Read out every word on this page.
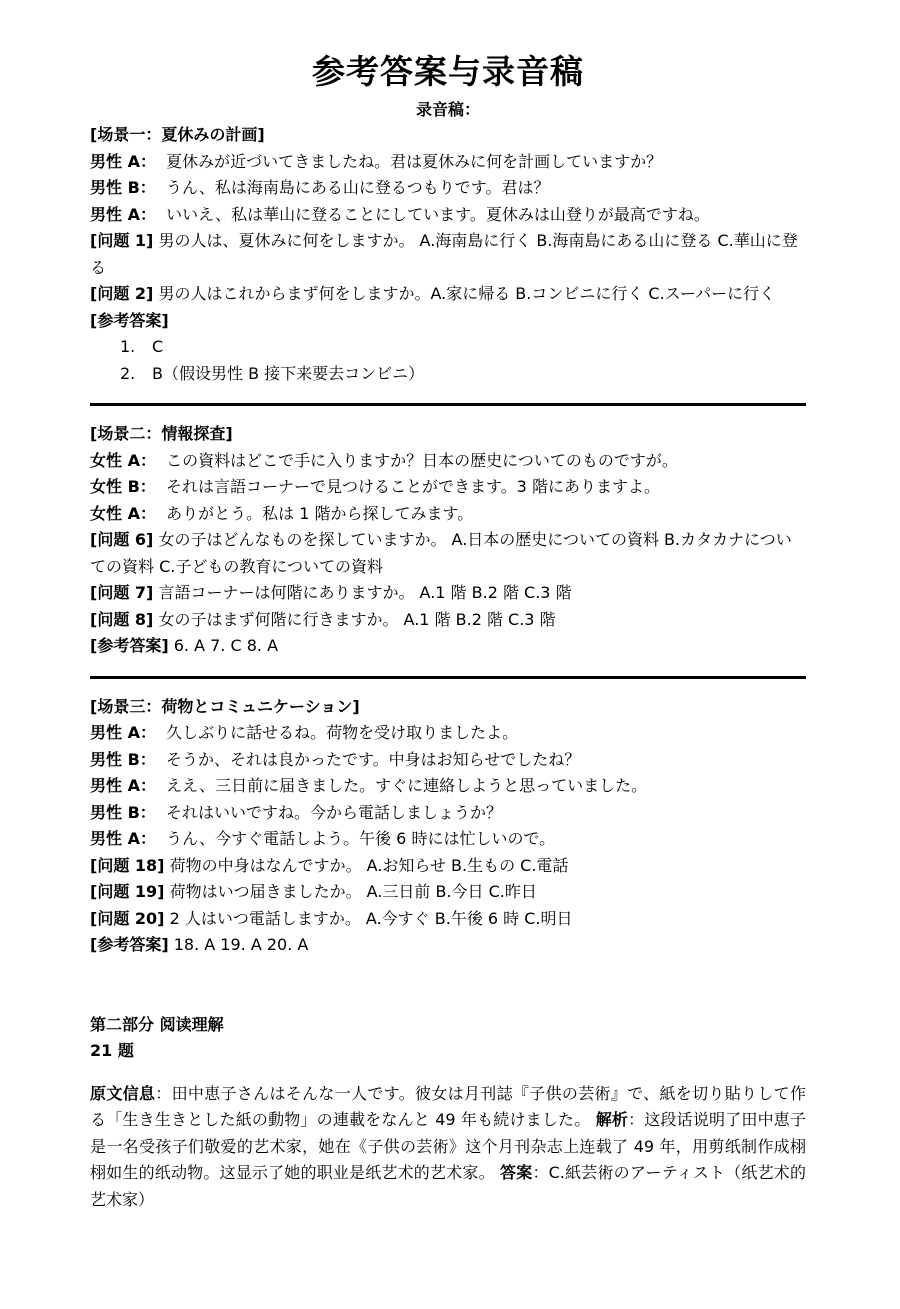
参考答案与录音稿
录音稿：

[场景一：夏休みの計画]

男性 A： 夏休みが近づいてきましたね。君は夏休みに何を計画していますか？

男性 B： うん、私は海南島にある山に登るつもりです。君は？

男性 A： いいえ、私は華山に登ることにしています。夏休みは山登りが最高ですね。

[问题 1] 男の人は、夏休みに何をしますか。 A.海南島に行く B.海南島にある山に登る C.華山に登る

[问题 2] 男の人はこれからまず何をしますか。A.家に帰る B.コンビニに行く C.スーパーに行く

[参考答案]

1. C
2. B（假设男性 B 接下来要去コンビニ）

[场景二：情報探査]

女性 A： この資料はどこで手に入りますか？日本の歴史についてのものですが。

女性 B： それは言語コーナーで見つけることができます。3 階にありますよ。

女性 A： ありがとう。私は 1 階から探してみます。

[问题 6] 女の子はどんなものを探していますか。 A.日本の歴史についての資料 B.カタカナについての資料 C.子どもの教育についての資料

[问题 7] 言語コーナーは何階にありますか。 A.1 階 B.2 階 C.3 階

[问题 8] 女の子はまず何階に行きますか。 A.1 階 B.2 階 C.3 階

[参考答案] 6. A 7. C 8. A

[场景三：荷物とコミュニケーション]

男性 A： 久しぶりに話せるね。荷物を受け取りましたよ。

男性 B： そうか、それは良かったです。中身はお知らせでしたね？

男性 A： ええ、三日前に届きました。すぐに連絡しようと思っていました。

男性 B： それはいいですね。今から電話しましょうか？

男性 A： うん、今すぐ電話しよう。午後 6 時には忙しいので。

[问题 18] 荷物の中身はなんですか。 A.お知らせ B.生もの C.電話

[问题 19] 荷物はいつ届きましたか。 A.三日前 B.今日 C.昨日

[问题 20] 2 人はいつ電話しますか。 A.今すぐ B.午後 6 時 C.明日

[参考答案] 18. A 19. A 20. A

第二部分 阅读理解

21 题

原文信息：田中恵子さんはそんな一人です。彼女は月刊誌『子供の芸術』で、紙を切り貼りして作る「生き生きとした紙の動物」の連載をなんと 49 年も続けました。 解析：这段话说明了田中恵子是一名受孩子们敬爱的艺术家，她在《子供の芸術》这个月刊杂志上连载了 49 年，用剪纸制作成栩栩如生的纸动物。这显示了她的职业是纸艺术的艺术家。 答案：C.紙芸術のアーティスト（纸艺术的艺术家）
